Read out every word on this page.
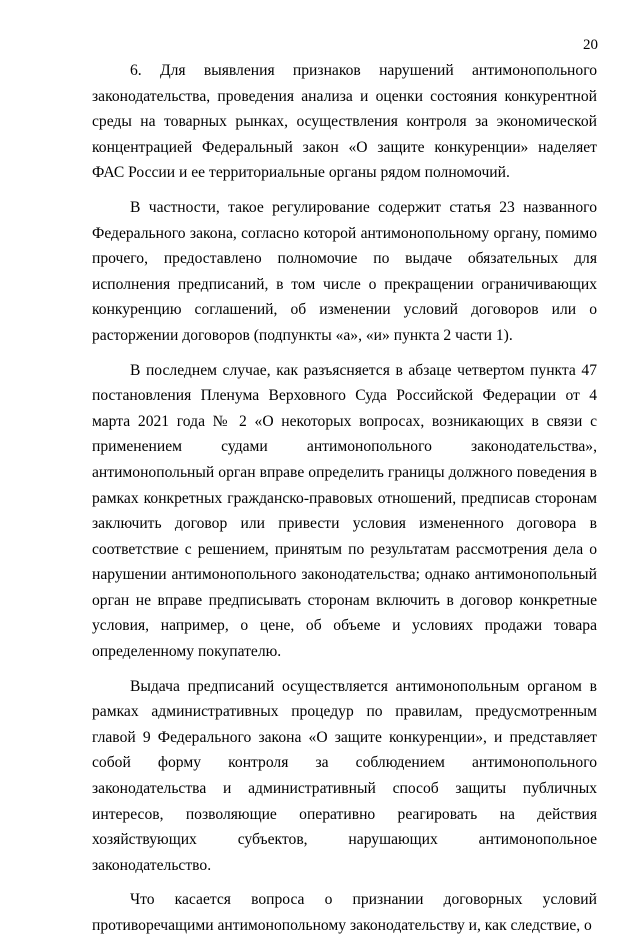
20

6. Для выявления признаков нарушений антимонопольного законодательства, проведения анализа и оценки состояния конкурентной среды на товарных рынках, осуществления контроля за экономической концентрацией Федеральный закон «О защите конкуренции» наделяет ФАС России и ее территориальные органы рядом полномочий.

В частности, такое регулирование содержит статья 23 названного Федерального закона, согласно которой антимонопольному органу, помимо прочего, предоставлено полномочие по выдаче обязательных для исполнения предписаний, в том числе о прекращении ограничивающих конкуренцию соглашений, об изменении условий договоров или о расторжении договоров (подпункты «а», «и» пункта 2 части 1).

В последнем случае, как разъясняется в абзаце четвертом пункта 47 постановления Пленума Верховного Суда Российской Федерации от 4 марта 2021 года № 2 «О некоторых вопросах, возникающих в связи с применением судами антимонопольного законодательства», антимонопольный орган вправе определить границы должного поведения в рамках конкретных гражданско-правовых отношений, предписав сторонам заключить договор или привести условия измененного договора в соответствие с решением, принятым по результатам рассмотрения дела о нарушении антимонопольного законодательства; однако антимонопольный орган не вправе предписывать сторонам включить в договор конкретные условия, например, о цене, об объеме и условиях продажи товара определенному покупателю.

Выдача предписаний осуществляется антимонопольным органом в рамках административных процедур по правилам, предусмотренным главой 9 Федерального закона «О защите конкуренции», и представляет собой форму контроля за соблюдением антимонопольного законодательства и административный способ защиты публичных интересов, позволяющие оперативно реагировать на действия хозяйствующих субъектов, нарушающих антимонопольное законодательство.

Что касается вопроса о признании договорных условий противоречащими антимонопольному законодательству и, как следствие, о
